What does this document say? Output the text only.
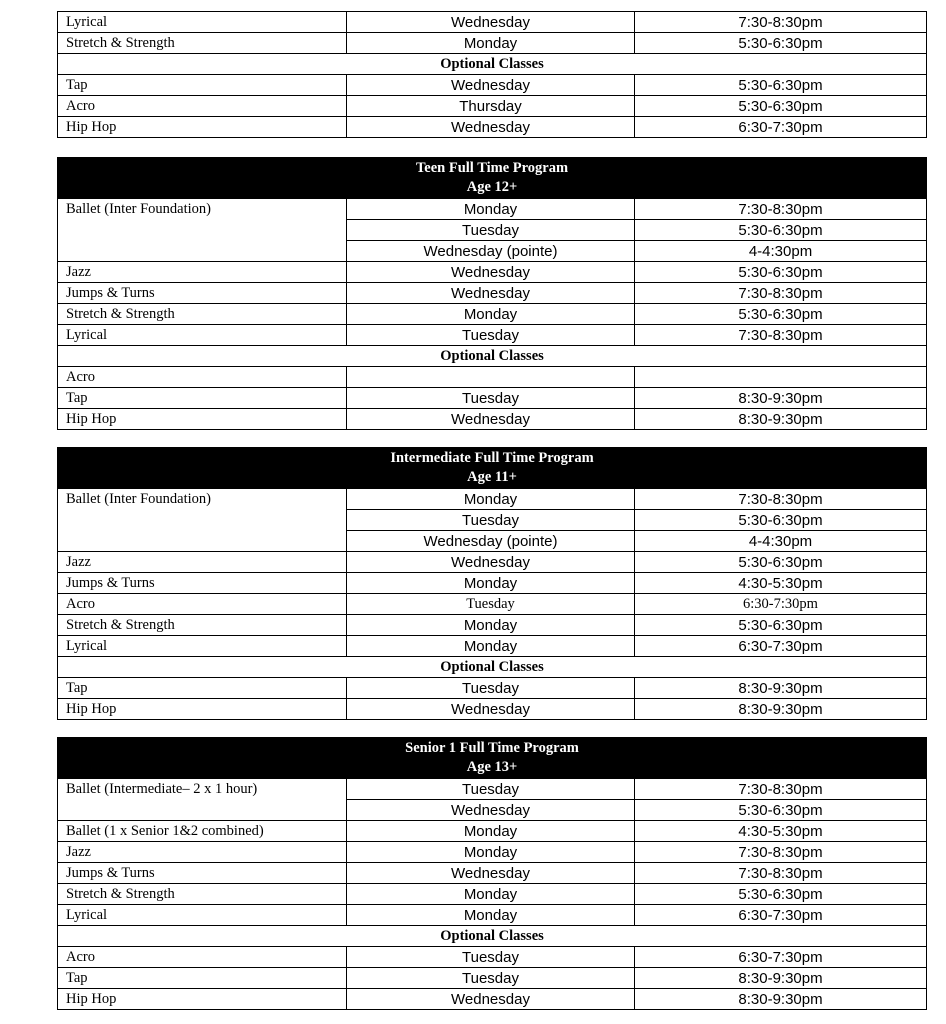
Lyrical	Wednesday	7:30-8:30pm
Stretch & Strength	Monday	5:30-6:30pm
Optional Classes		
Tap	Wednesday	5:30-6:30pm
Acro	Thursday	5:30-6:30pm
Hip Hop	Wednesday	6:30-7:30pm
Teen Full Time Program
Age 12+		

Ballet (Inter Foundation)	Monday	7:30-8:30pm
	Tuesday	5:30-6:30pm
	Wednesday (pointe)	4-4:30pm
Jazz	Wednesday	5:30-6:30pm
Jumps & Turns	Wednesday	7:30-8:30pm
Stretch & Strength	Monday	5:30-6:30pm
Lyrical	Tuesday	7:30-8:30pm
Optional Classes		
Acro		
Tap	Tuesday	8:30-9:30pm
Hip Hop	Wednesday	8:30-9:30pm
Intermediate Full Time Program
Age 11+		

Ballet (Inter Foundation)	Monday	7:30-8:30pm
	Tuesday	5:30-6:30pm
	Wednesday (pointe)	4-4:30pm
Jazz	Wednesday	5:30-6:30pm
Jumps & Turns	Monday	4:30-5:30pm
Acro	Tuesday	6:30-7:30pm
Stretch & Strength	Monday	5:30-6:30pm
Lyrical	Monday	6:30-7:30pm
Optional Classes		
Tap	Tuesday	8:30-9:30pm
Hip Hop	Wednesday	8:30-9:30pm
Senior 1 Full Time Program
Age 13+		

Ballet (Intermediate– 2 x 1 hour)	Tuesday	7:30-8:30pm
	Wednesday	5:30-6:30pm
Ballet (1 x Senior 1&2 combined)	Monday	4:30-5:30pm
Jazz	Monday	7:30-8:30pm
Jumps & Turns	Wednesday	7:30-8:30pm
Stretch & Strength	Monday	5:30-6:30pm
Lyrical	Monday	6:30-7:30pm
Optional Classes		
Acro	Tuesday	6:30-7:30pm
Tap	Tuesday	8:30-9:30pm
Hip Hop	Wednesday	8:30-9:30pm
